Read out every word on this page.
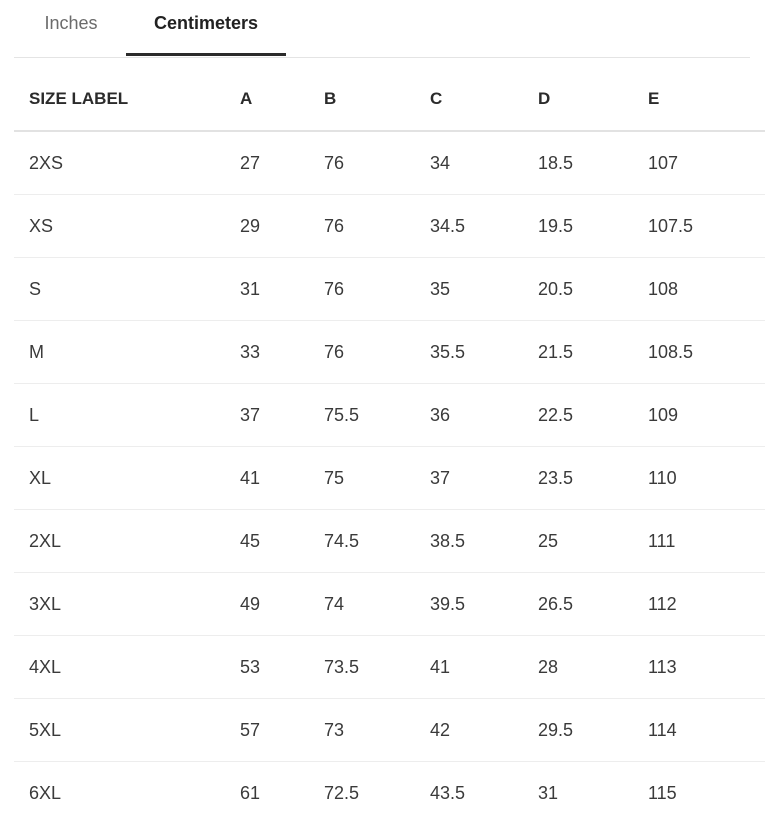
Inches	Centimeters
SIZE LABEL	A	B	C	D	E
2XS	27	76	34	18.5	107
XS	29	76	34.5	19.5	107.5
S	31	76	35	20.5	108
M	33	76	35.5	21.5	108.5
L	37	75.5	36	22.5	109
XL	41	75	37	23.5	110
2XL	45	74.5	38.5	25	111
3XL	49	74	39.5	26.5	112
4XL	53	73.5	41	28	113
5XL	57	73	42	29.5	114
6XL	61	72.5	43.5	31	115
